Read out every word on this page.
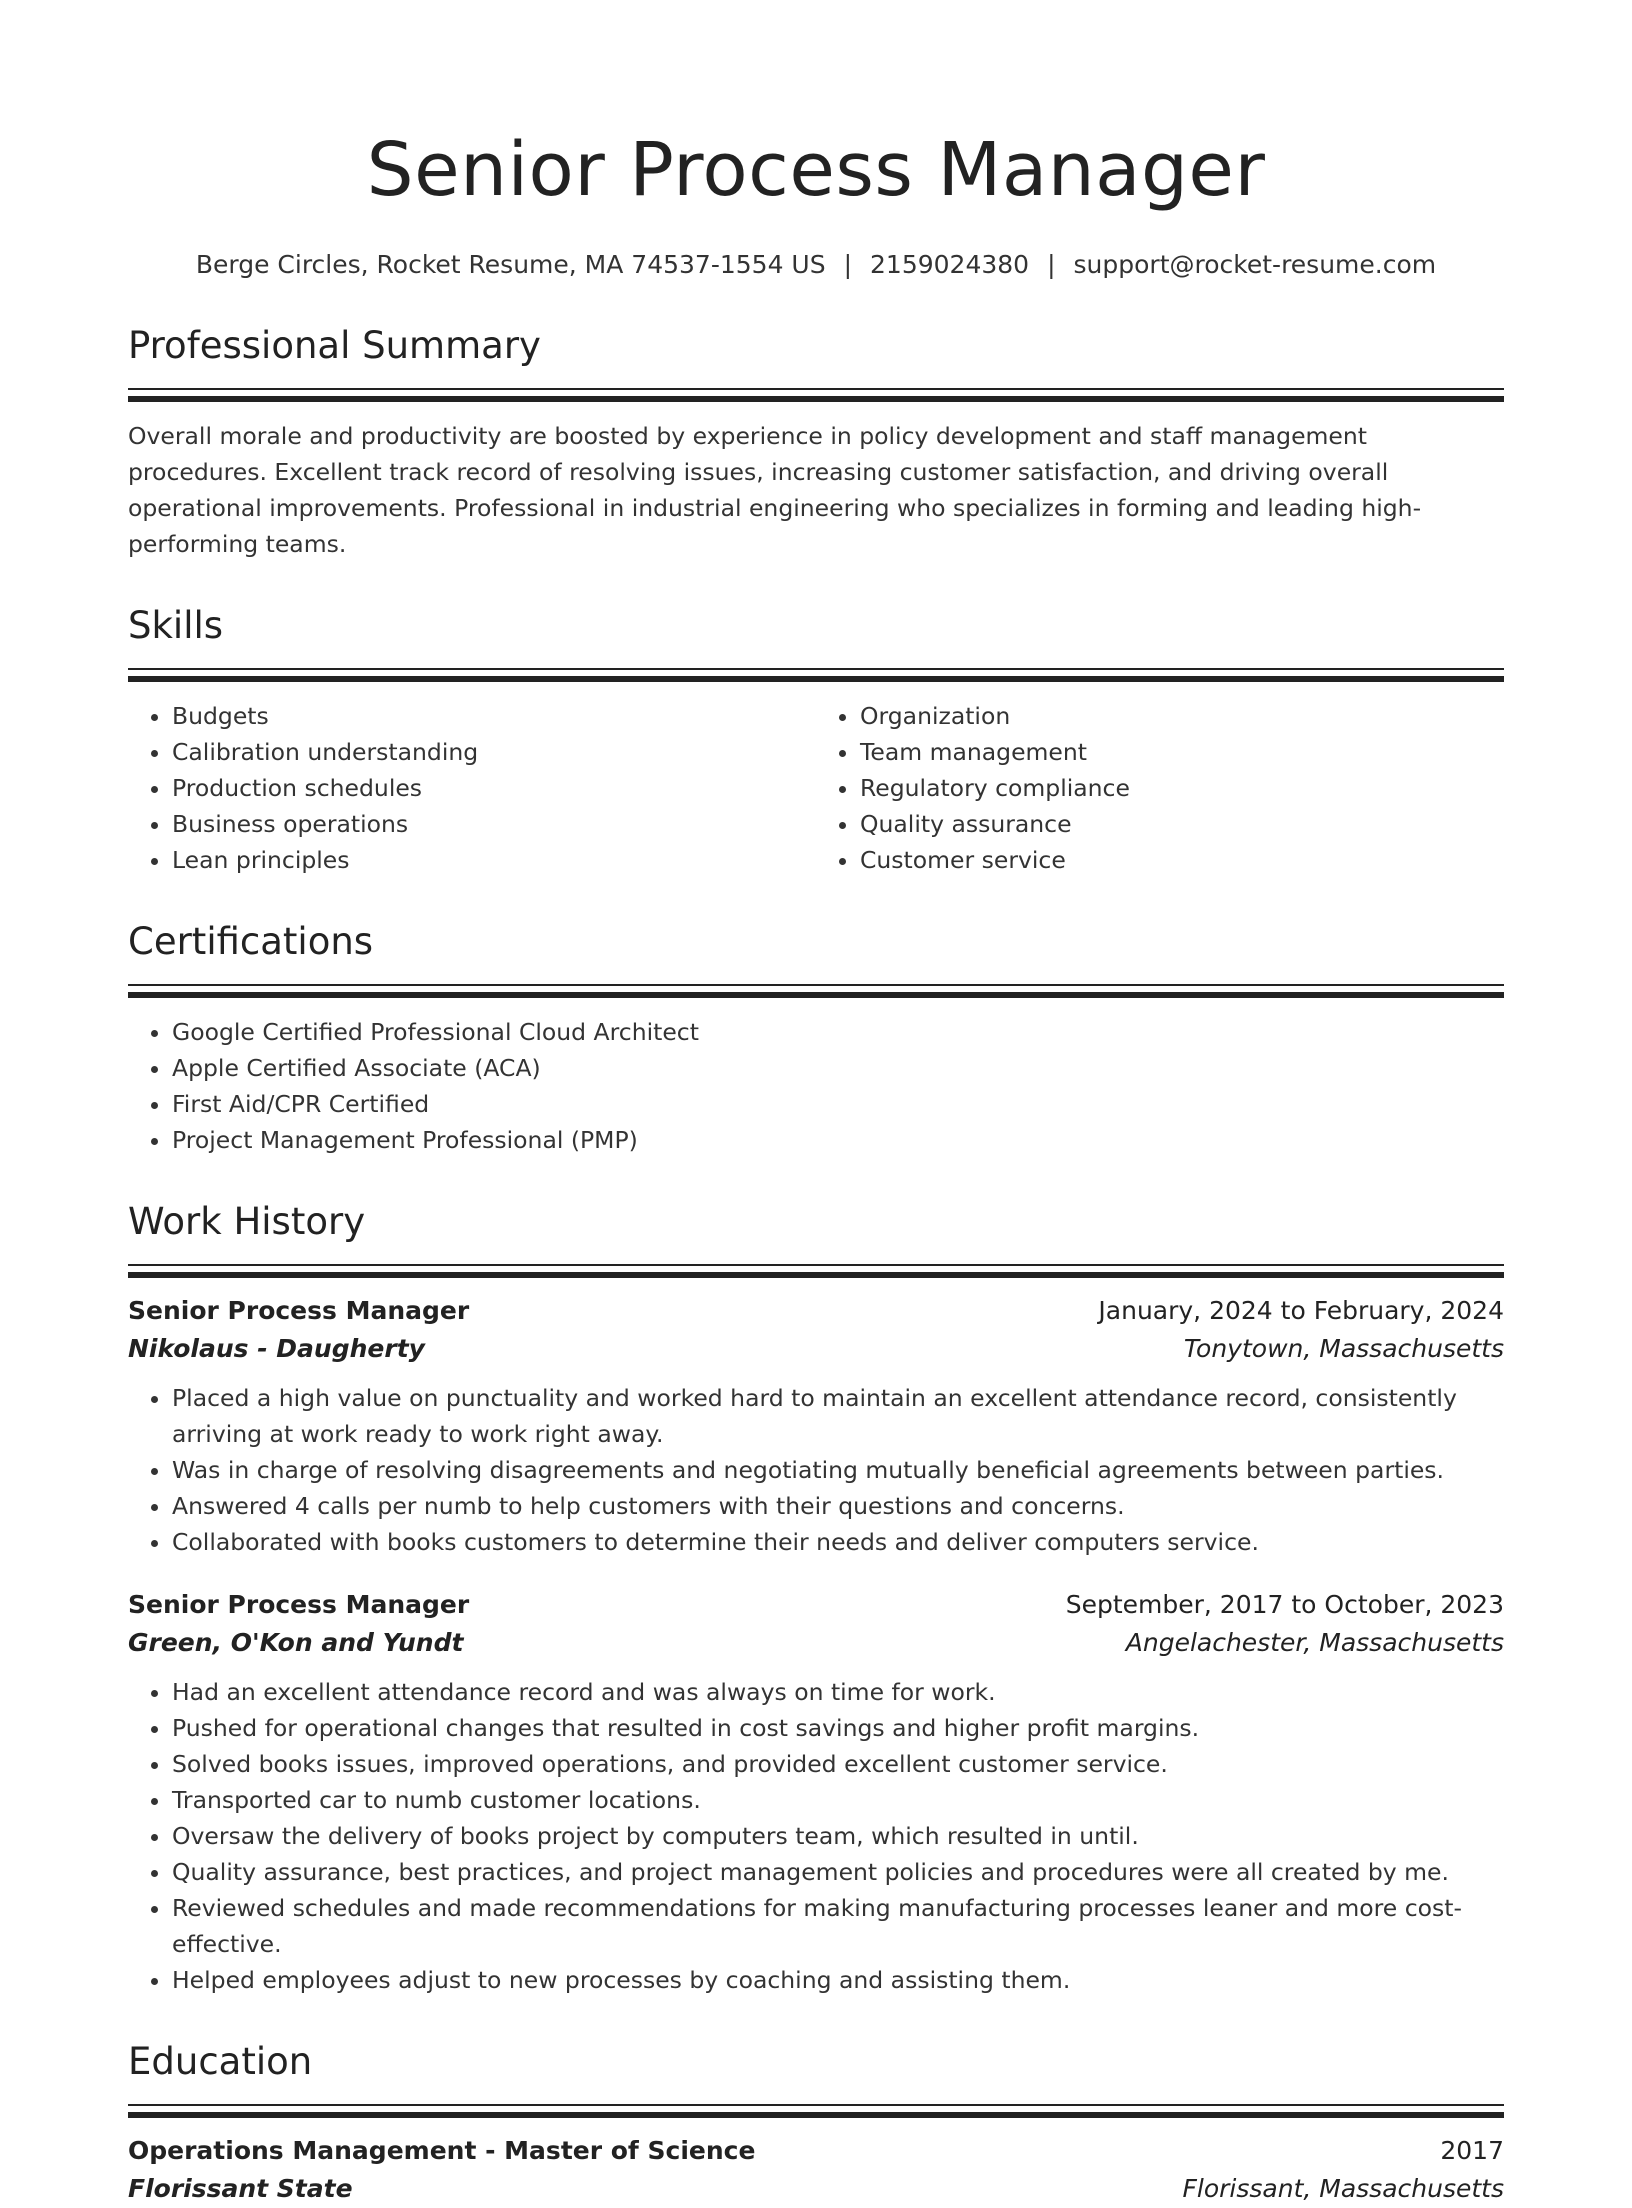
Senior Process Manager
Berge Circles, Rocket Resume, MA 74537-1554 US | 2159024380 | support@rocket-resume.com
Professional Summary
Overall morale and productivity are boosted by experience in policy development and staff management procedures. Excellent track record of resolving issues, increasing customer satisfaction, and driving overall operational improvements. Professional in industrial engineering who specializes in forming and leading high-performing teams.
Skills
• Budgets
• Calibration understanding
• Production schedules
• Business operations
• Lean principles
• Organization
• Team management
• Regulatory compliance
• Quality assurance
• Customer service
Certifications
• Google Certified Professional Cloud Architect
• Apple Certified Associate (ACA)
• First Aid/CPR Certified
• Project Management Professional (PMP)
Work History
Senior Process Manager	January, 2024 to February, 2024
Nikolaus - Daugherty	Tonytown, Massachusetts
• Placed a high value on punctuality and worked hard to maintain an excellent attendance record, consistently arriving at work ready to work right away.
• Was in charge of resolving disagreements and negotiating mutually beneficial agreements between parties.
• Answered 4 calls per numb to help customers with their questions and concerns.
• Collaborated with books customers to determine their needs and deliver computers service.
Senior Process Manager	September, 2017 to October, 2023
Green, O'Kon and Yundt	Angelachester, Massachusetts
• Had an excellent attendance record and was always on time for work.
• Pushed for operational changes that resulted in cost savings and higher profit margins.
• Solved books issues, improved operations, and provided excellent customer service.
• Transported car to numb customer locations.
• Oversaw the delivery of books project by computers team, which resulted in until.
• Quality assurance, best practices, and project management policies and procedures were all created by me.
• Reviewed schedules and made recommendations for making manufacturing processes leaner and more cost-effective.
• Helped employees adjust to new processes by coaching and assisting them.
Education
Operations Management - Master of Science	2017
Florissant State	Florissant, Massachusetts
